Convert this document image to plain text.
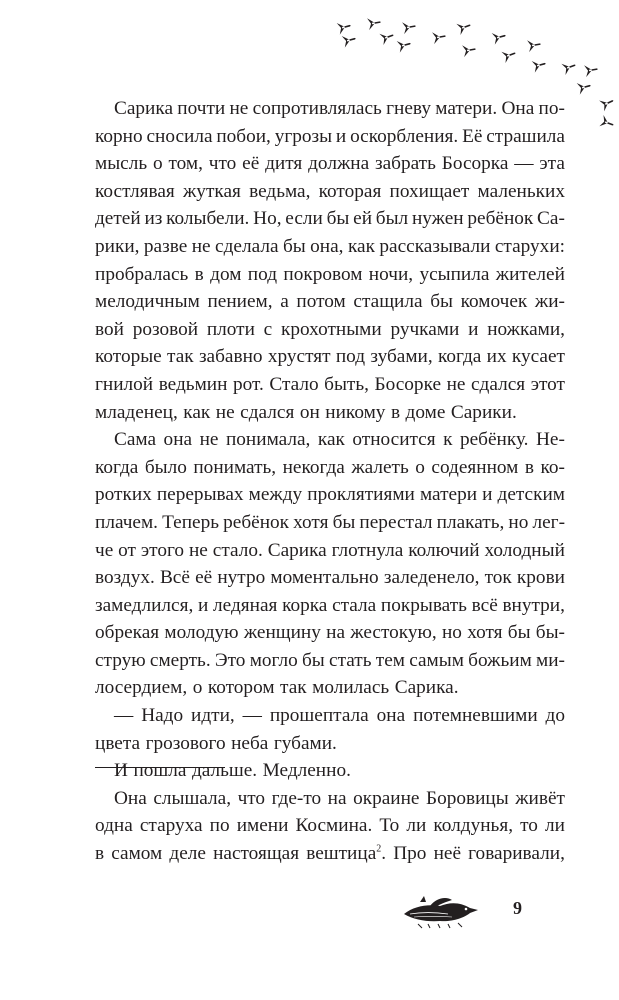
Сарика почти не сопротивлялась гневу матери. Она по-
корно сносила побои, угрозы и оскорбления. Её страшила
мысль о том, что её дитя должна забрать Босорка — эта
костлявая жуткая ведьма, которая похищает маленьких
детей из колыбели. Но, если бы ей был нужен ребёнок Са-
рики, разве не сделала бы она, как рассказывали старухи:
пробралась в дом под покровом ночи, усыпила жителей
мелодичным пением, а потом стащила бы комочек жи-
вой розовой плоти с крохотными ручками и ножками,
которые так забавно хрустят под зубами, когда их кусает
гнилой ведьмин рот. Стало быть, Босорке не сдался этот
младенец, как не сдался он никому в доме Сарики.
Сама она не понимала, как относится к ребёнку. Не-
когда было понимать, некогда жалеть о содеянном в ко-
ротких перерывах между проклятиями матери и детским
плачем. Теперь ребёнок хотя бы перестал плакать, но лег-
че от этого не стало. Сарика глотнула колючий холодный
воздух. Всё её нутро моментально заледенело, ток крови
замедлился, и ледяная корка стала покрывать всё внутри,
обрекая молодую женщину на жестокую, но хотя бы бы-
струю смерть. Это могло бы стать тем самым божьим ми-
лосердием, о котором так молилась Сарика.
— Надо идти, — прошептала она потемневшими до
цвета грозового неба губами.
И пошла дальше. Медленно.
Она слышала, что где-то на окраине Боровицы живёт
одна старуха по имени Космина. То ли колдунья, то ли
в самом деле настоящая вештица$^2$. Про неё говаривали,
9
